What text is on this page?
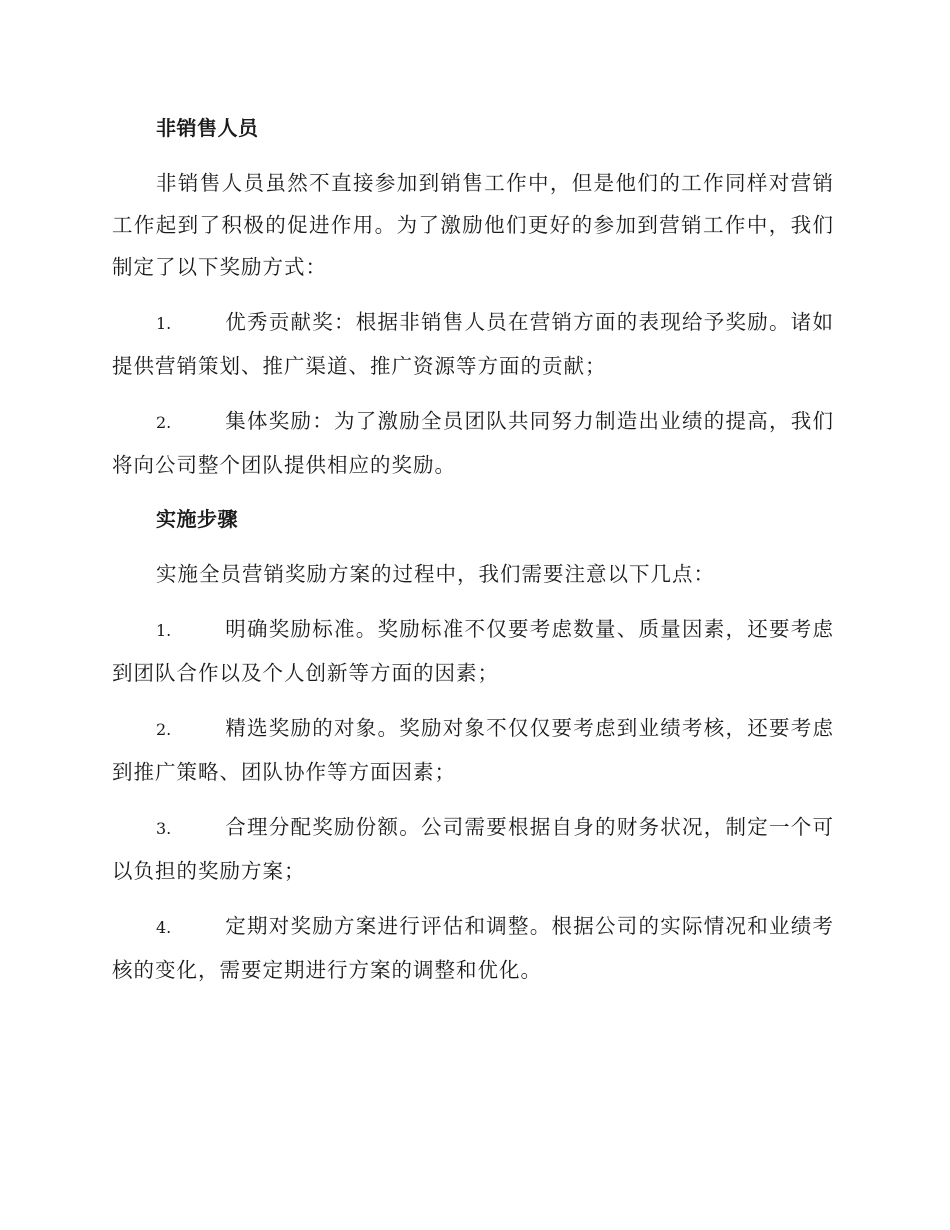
非销售人员

非销售人员虽然不直接参加到销售工作中，但是他们的工作同样对营销工作起到了积极的促进作用。为了激励他们更好的参加到营销工作中，我们制定了以下奖励方式：

1.	优秀贡献奖：根据非销售人员在营销方面的表现给予奖励。诸如提供营销策划、推广渠道、推广资源等方面的贡献；

2.	集体奖励：为了激励全员团队共同努力制造出业绩的提高，我们将向公司整个团队提供相应的奖励。

实施步骤

实施全员营销奖励方案的过程中，我们需要注意以下几点：

1.	明确奖励标准。奖励标准不仅要考虑数量、质量因素，还要考虑到团队合作以及个人创新等方面的因素；

2.	精选奖励的对象。奖励对象不仅仅要考虑到业绩考核，还要考虑到推广策略、团队协作等方面因素；

3.	合理分配奖励份额。公司需要根据自身的财务状况，制定一个可以负担的奖励方案；

4.	定期对奖励方案进行评估和调整。根据公司的实际情况和业绩考核的变化，需要定期进行方案的调整和优化。
